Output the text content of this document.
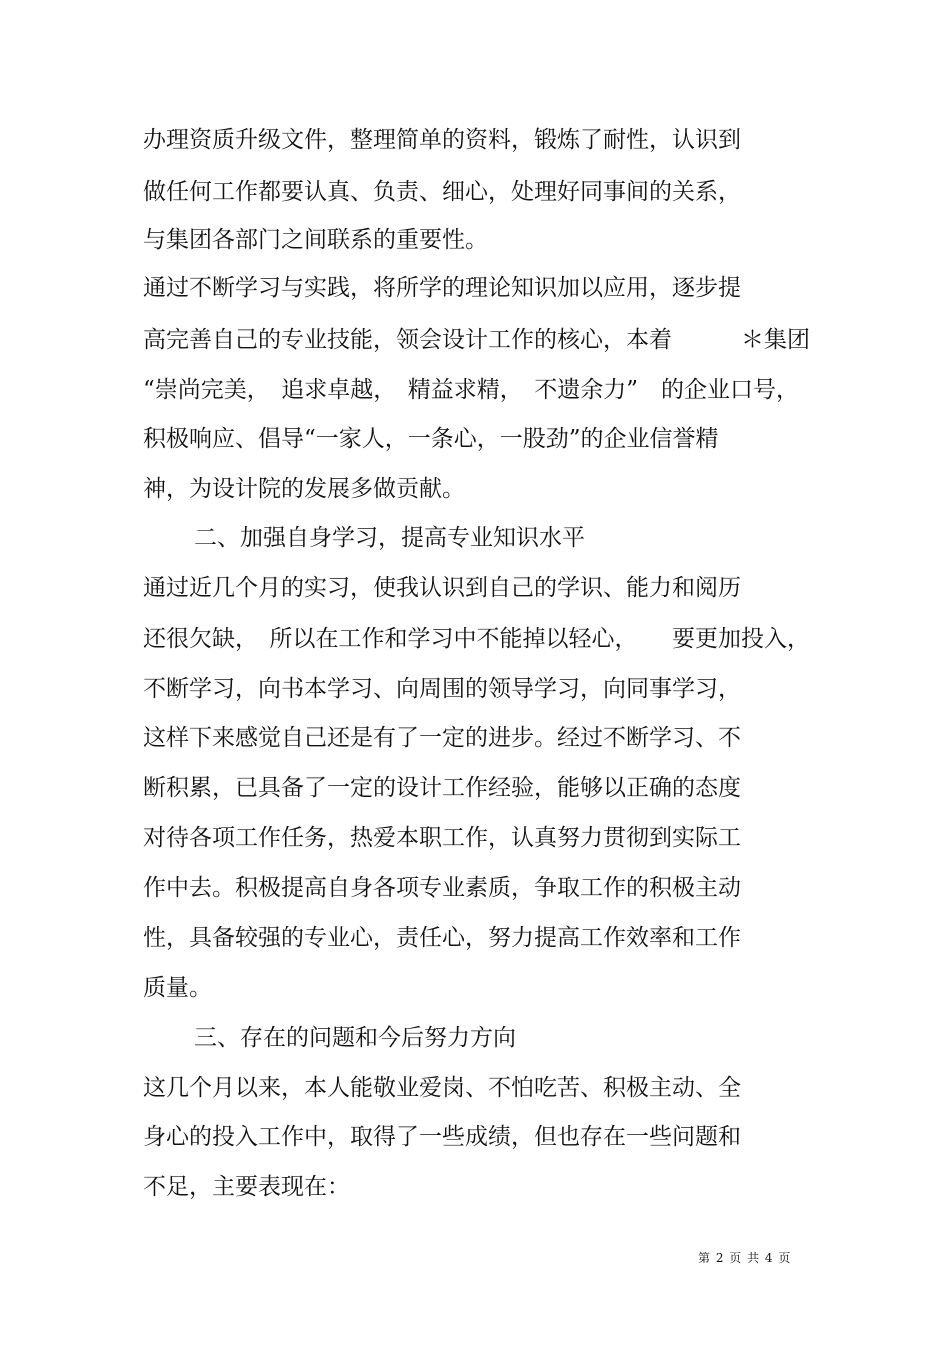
办理资质升级文件，整理简单的资料，锻炼了耐性，认识到

做任何工作都要认真、负责、细心，处理好同事间的关系，

与集团各部门之间联系的重要性。

通过不断学习与实践，将所学的理论知识加以应用，逐步提

高完善自己的专业技能，领会设计工作的核心，本着　　　＊集团

“崇尚完美，　追求卓越，　精益求精，　不遗余力”　的企业口号，

积极响应、倡导“一家人，一条心，一股劲”的企业信誉精

神，为设计院的发展多做贡献。

二、加强自身学习，提高专业知识水平

通过近几个月的实习，使我认识到自己的学识、能力和阅历

还很欠缺，　所以在工作和学习中不能掉以轻心，　　要更加投入，

不断学习，向书本学习、向周围的领导学习，向同事学习，

这样下来感觉自己还是有了一定的进步。经过不断学习、不

断积累，已具备了一定的设计工作经验，能够以正确的态度

对待各项工作任务，热爱本职工作，认真努力贯彻到实际工

作中去。积极提高自身各项专业素质，争取工作的积极主动

性，具备较强的专业心，责任心，努力提高工作效率和工作

质量。

三、存在的问题和今后努力方向

这几个月以来，本人能敬业爱岗、不怕吃苦、积极主动、全

身心的投入工作中，取得了一些成绩，但也存在一些问题和

不足，主要表现在：

第 2 页 共 4 页
